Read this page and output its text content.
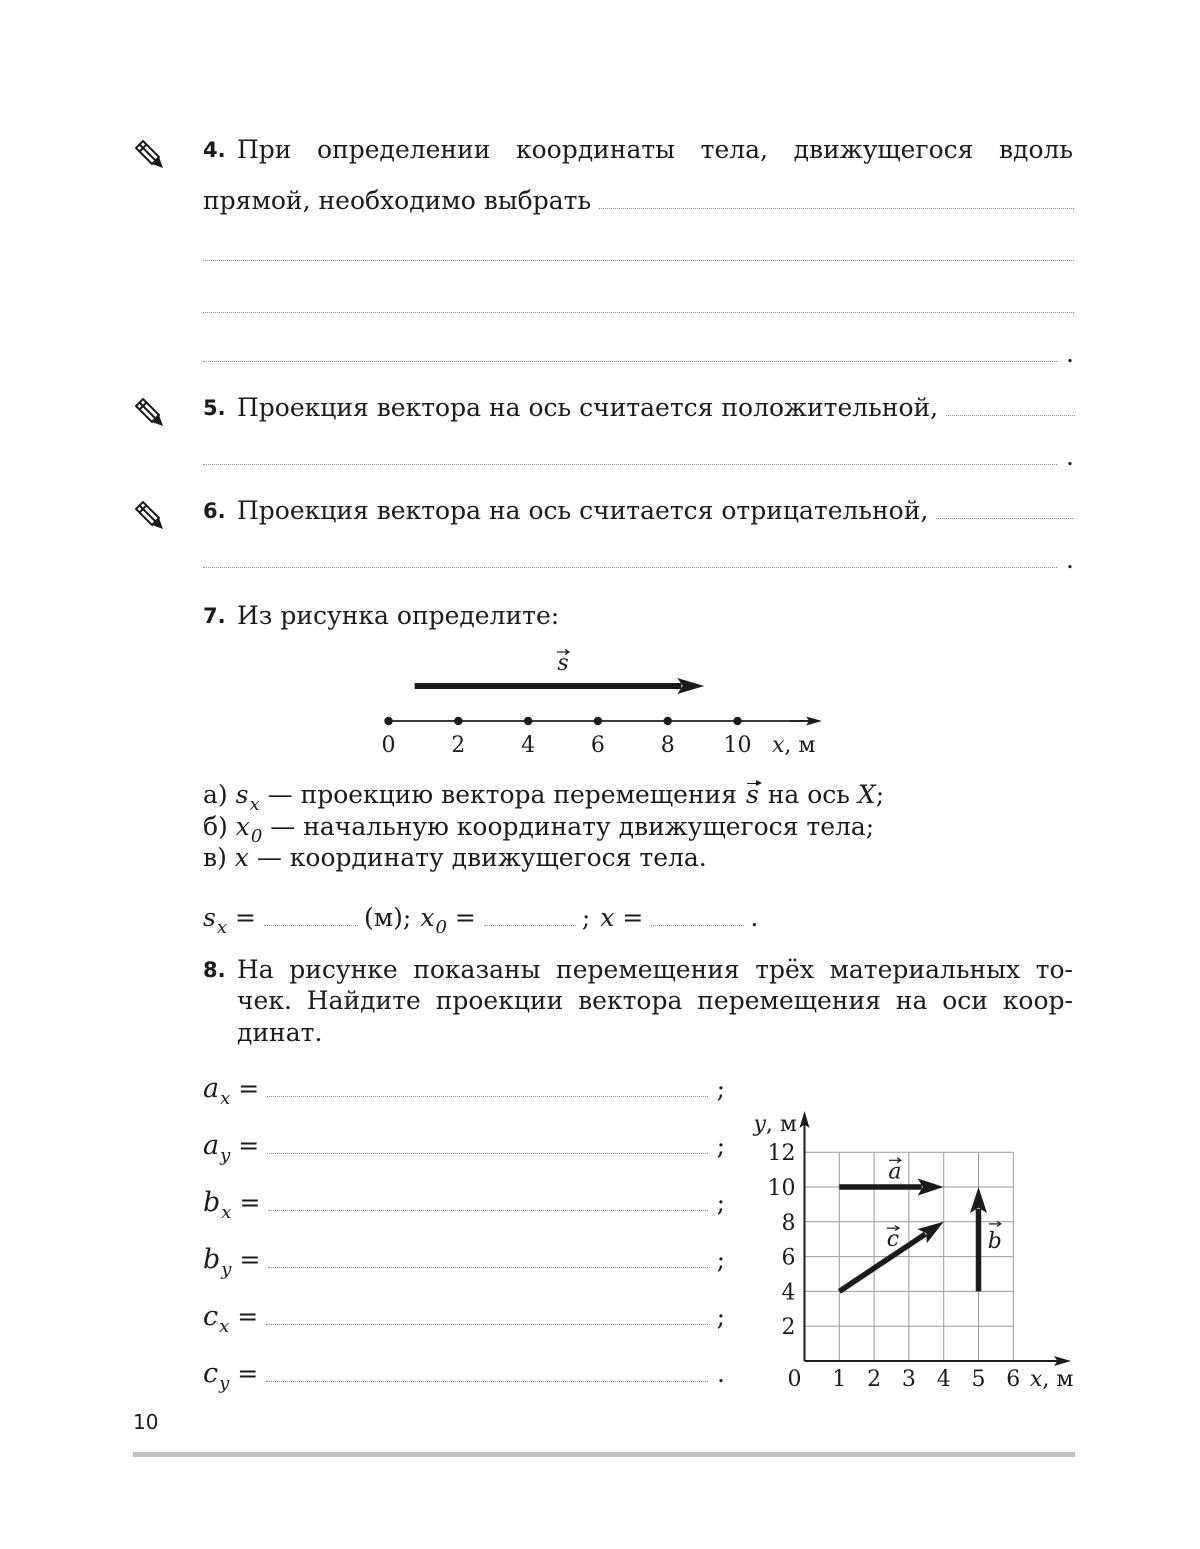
4. При определении координаты тела, движущегося вдоль
прямой, необходимо выбрать
.
5. Проекция вектора на ось считается положительной,
.
6. Проекция вектора на ось считается отрицательной,
.
7. Из рисунка определите:
0	2	4	6	8 10 x, м
s
а) $s_x$ — проекцию вектора перемещения s на ось X;
б) $x_0$ — начальную координату движущегося тела;
в) x — координату движущегося тела.
s x =	(м); x 0 =	; x =	.
8. На рисунке показаны перемещения трёх материальных то-
чек. Найдите проекции вектора перемещения на оси коор-
динат.
a x =	;
a y =	;
b x =	;
b y =	;
c x =	;
c y =	.
2
4
6
8
10
12
1 2 3 4 5 6
0	x, м
y, м
a
b
c
10
